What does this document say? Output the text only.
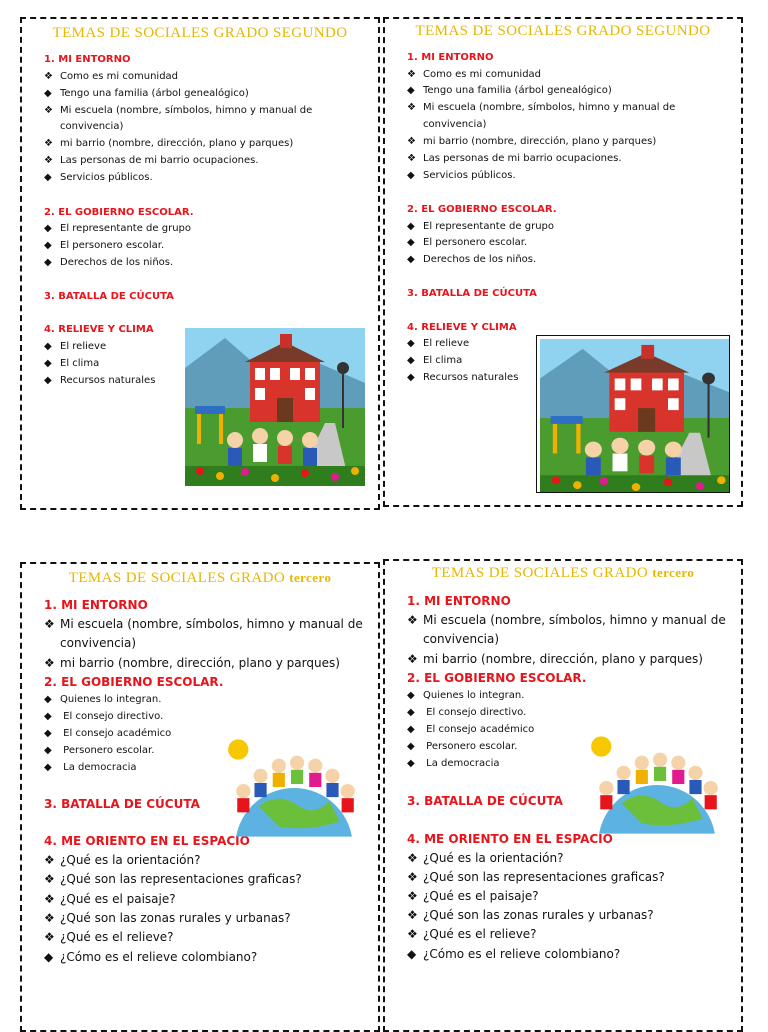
TEMAS DE SOCIALES GRADO SEGUNDO
1. MI ENTORNO
❖ Como es mi comunidad
◆ Tengo una familia (árbol genealógico)
❖ Mi escuela (nombre, símbolos, himno y manual de
convivencia)
❖ mi barrio (nombre, dirección, plano y parques)
❖ Las personas de mi barrio ocupaciones.
◆ Servicios públicos.
2. EL GOBIERNO ESCOLAR.
◆ El representante de grupo
◆ El personero escolar.
◆ Derechos de los niños.
3. BATALLA DE CÚCUTA
4. RELIEVE Y CLIMA
◆ El relieve
◆ El clima
◆ Recursos naturales
TEMAS DE SOCIALES GRADO SEGUNDO
1. MI ENTORNO
❖ Como es mi comunidad
◆ Tengo una familia (árbol genealógico)
❖ Mi escuela (nombre, símbolos, himno y manual de
convivencia)
❖ mi barrio (nombre, dirección, plano y parques)
❖ Las personas de mi barrio ocupaciones.
◆ Servicios públicos.
2. EL GOBIERNO ESCOLAR.
◆ El representante de grupo
◆ El personero escolar.
◆ Derechos de los niños.
3. BATALLA DE CÚCUTA
4. RELIEVE Y CLIMA
◆ El relieve
◆ El clima
◆ Recursos naturales
TEMAS DE SOCIALES GRADO tercero
1. MI ENTORNO
❖ Mi escuela (nombre, símbolos, himno y manual de
convivencia)
❖ mi barrio (nombre, dirección, plano y parques)
2. EL GOBIERNO ESCOLAR.
◆ Quienes lo integran.
◆ El consejo directivo.
◆ El consejo académico
◆ Personero escolar.
◆ La democracia
3. BATALLA DE CÚCUTA
4. ME ORIENTO EN EL ESPACIO
❖ ¿Qué es la orientación?
❖ ¿Qué son las representaciones graficas?
❖ ¿Qué es el paisaje?
❖ ¿Qué son las zonas rurales y urbanas?
❖ ¿Qué es el relieve?
◆ ¿Cómo es el relieve colombiano?
TEMAS DE SOCIALES GRADO tercero
1. MI ENTORNO
❖ Mi escuela (nombre, símbolos, himno y manual de
convivencia)
❖ mi barrio (nombre, dirección, plano y parques)
2. EL GOBIERNO ESCOLAR.
◆ Quienes lo integran.
◆ El consejo directivo.
◆ El consejo académico
◆ Personero escolar.
◆ La democracia
3. BATALLA DE CÚCUTA
4. ME ORIENTO EN EL ESPACIO
❖ ¿Qué es la orientación?
❖ ¿Qué son las representaciones graficas?
❖ ¿Qué es el paisaje?
❖ ¿Qué son las zonas rurales y urbanas?
❖ ¿Qué es el relieve?
◆ ¿Cómo es el relieve colombiano?
